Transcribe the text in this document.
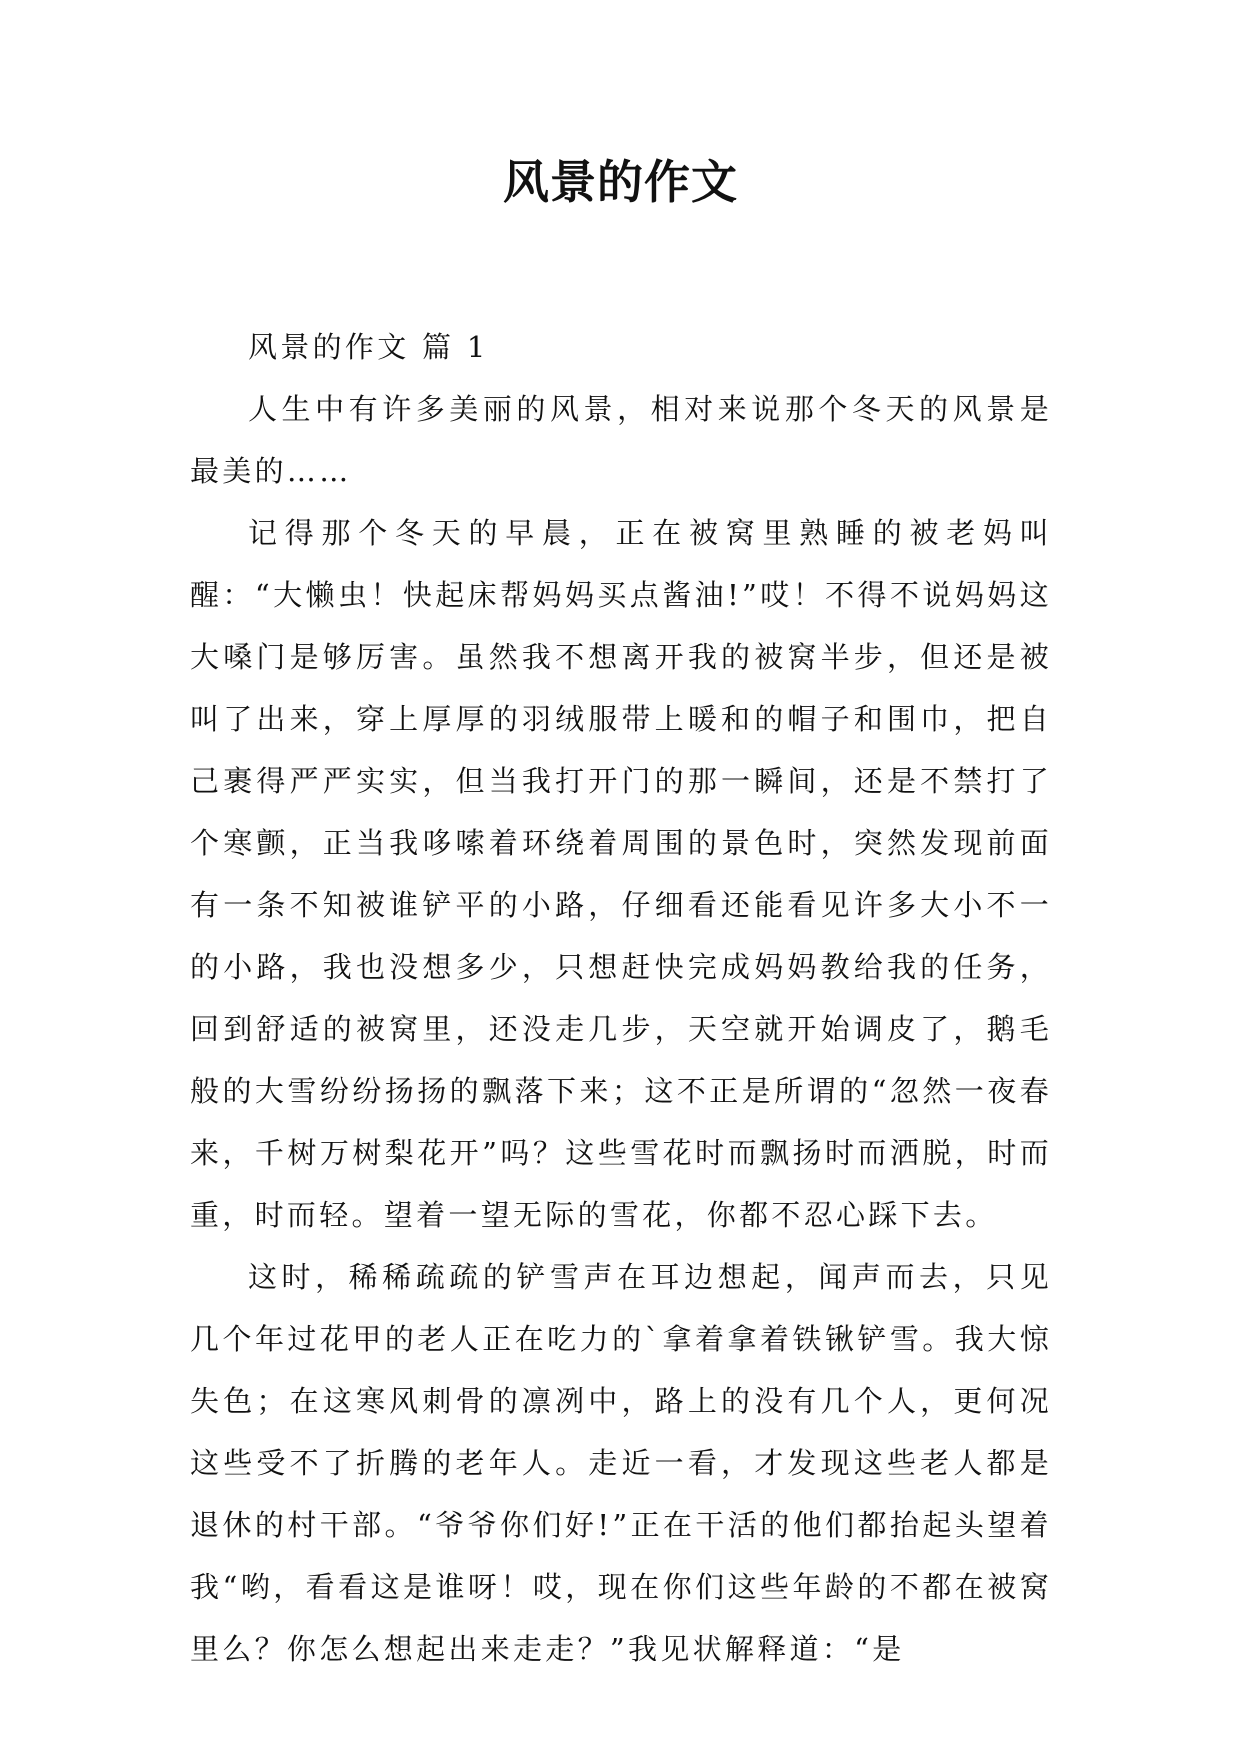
风景的作文

风景的作文 篇 1

人生中有许多美丽的风景，相对来说那个冬天的风景是最美的……

记得那个冬天的早晨，正在被窝里熟睡的被老妈叫醒：“大懒虫！快起床帮妈妈买点酱油!”哎！不得不说妈妈这大嗓门是够厉害。虽然我不想离开我的被窝半步，但还是被叫了出来，穿上厚厚的羽绒服带上暖和的帽子和围巾，把自己裹得严严实实，但当我打开门的那一瞬间，还是不禁打了个寒颤，正当我哆嗦着环绕着周围的景色时，突然发现前面有一条不知被谁铲平的小路，仔细看还能看见许多大小不一的小路，我也没想多少，只想赶快完成妈妈教给我的任务，回到舒适的被窝里，还没走几步，天空就开始调皮了，鹅毛般的大雪纷纷扬扬的飘落下来；这不正是所谓的“忽然一夜春来，千树万树梨花开”吗？这些雪花时而飘扬时而洒脱，时而重，时而轻。望着一望无际的雪花，你都不忍心踩下去。

这时，稀稀疏疏的铲雪声在耳边想起，闻声而去，只见几个年过花甲的老人正在吃力的`拿着拿着铁锹铲雪。我大惊失色；在这寒风刺骨的凛冽中，路上的没有几个人，更何况这些受不了折腾的老年人。走近一看，才发现这些老人都是退休的村干部。“爷爷你们好!”正在干活的他们都抬起头望着我“哟，看看这是谁呀！哎，现在你们这些年龄的不都在被窝里么？你怎么想起出来走走？”我见状解释道：“是
